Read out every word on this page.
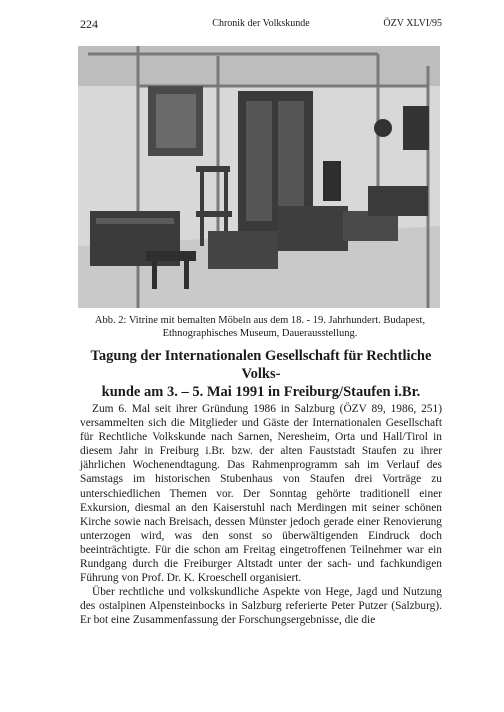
224	Chronik der Volkskunde	ÖZV XLVI/95
Abb. 2: Vitrine mit bemalten Möbeln aus dem 18. - 19. Jahrhundert. Budapest,
Ethnographisches Museum, Dauerausstellung.
Tagung der Internationalen Gesellschaft für Rechtliche Volks-
kunde am 3. – 5. Mai 1991 in Freiburg/Staufen i.Br.

Zum 6. Mal seit ihrer Gründung 1986 in Salzburg (ÖZV 89, 1986, 251) versammelten sich die Mitglieder und Gäste der Internationalen Gesellschaft für Rechtliche Volkskunde nach Sarnen, Neresheim, Orta und Hall/Tirol in diesem Jahr in Freiburg i.Br. bzw. der alten Fauststadt Staufen zu ihrer jährlichen Wochenendtagung. Das Rahmenprogramm sah im Verlauf des Samstags im historischen Stubenhaus von Staufen drei Vorträge zu unterschiedlichen Themen vor. Der Sonntag gehörte traditionell einer Exkursion, diesmal an den Kaiserstuhl nach Merdingen mit seiner schönen Kirche sowie nach Breisach, dessen Münster jedoch gerade einer Renovierung unterzogen wird, was den sonst so überwältigenden Eindruck doch beeinträchtigte. Für die schon am Freitag eingetroffenen Teilnehmer war ein Rundgang durch die Freiburger Altstadt unter der sach- und fachkundigen Führung von Prof. Dr. K. Kroeschell organisiert.

Über rechtliche und volkskundliche Aspekte von Hege, Jagd und Nutzung des ostalpinen Alpensteinbocks in Salzburg referierte Peter Putzer (Salzburg). Er bot eine Zusammenfassung der Forschungsergebnisse, die die
